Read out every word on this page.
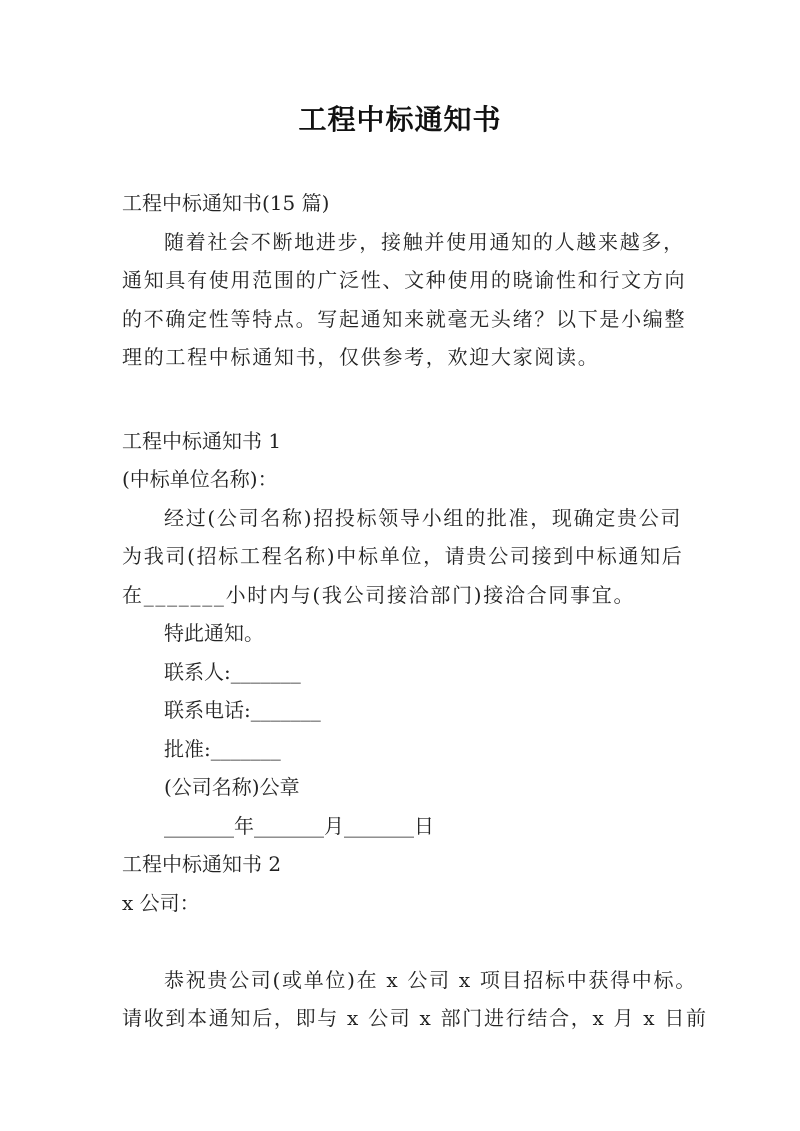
工程中标通知书
工程中标通知书(15 篇)
随着社会不断地进步，接触并使用通知的人越来越多，
通知具有使用范围的广泛性、文种使用的晓谕性和行文方向
的不确定性等特点。写起通知来就毫无头绪？以下是小编整
理的工程中标通知书，仅供参考，欢迎大家阅读。
工程中标通知书 1
(中标单位名称)：
经过(公司名称)招投标领导小组的批准，现确定贵公司
为我司(招标工程名称)中标单位，请贵公司接到中标通知后
在_______小时内与(我公司接洽部门)接洽合同事宜。
特此通知。
联系人:_______
联系电话:_______
批准:_______
(公司名称)公章
_______年_______月_______日
工程中标通知书 2
x 公司：
恭祝贵公司(或单位)在 x 公司 x 项目招标中获得中标。
请收到本通知后，即与 x 公司 x 部门进行结合，x 月 x 日前
